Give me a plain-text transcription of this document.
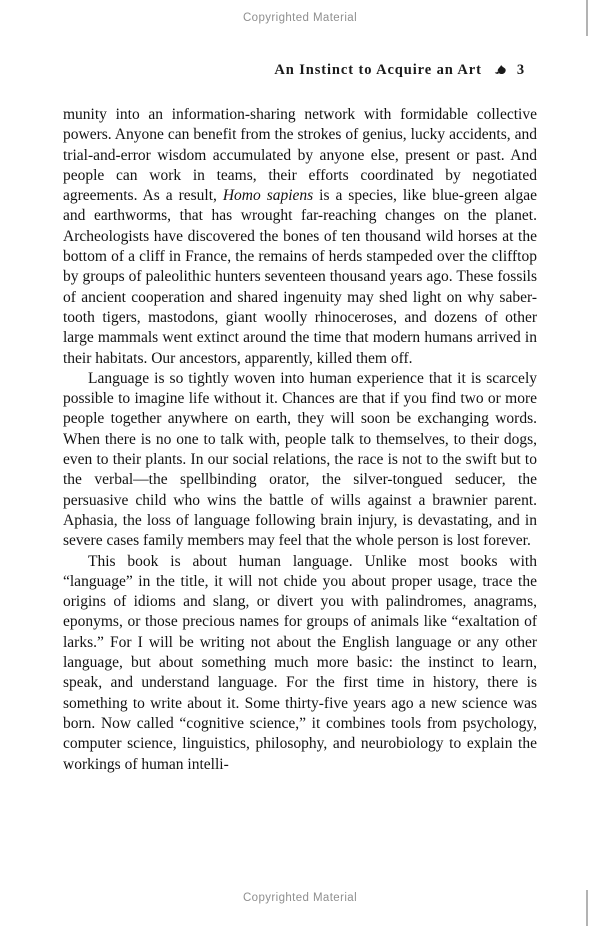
Copyrighted Material
An Instinct to Acquire an Art 3

munity into an information-sharing network with formidable collective powers. Anyone can benefit from the strokes of genius, lucky accidents, and trial-and-error wisdom accumulated by anyone else, present or past. And people can work in teams, their efforts coordinated by negotiated agreements. As a result, Homo sapiens is a species, like blue-green algae and earthworms, that has wrought far-reaching changes on the planet. Archeologists have discovered the bones of ten thousand wild horses at the bottom of a cliff in France, the remains of herds stampeded over the clifftop by groups of paleolithic hunters seventeen thousand years ago. These fossils of ancient cooperation and shared ingenuity may shed light on why saber-tooth tigers, mastodons, giant woolly rhinoceroses, and dozens of other large mammals went extinct around the time that modern humans arrived in their habitats. Our ancestors, apparently, killed them off.

Language is so tightly woven into human experience that it is scarcely possible to imagine life without it. Chances are that if you find two or more people together anywhere on earth, they will soon be exchanging words. When there is no one to talk with, people talk to themselves, to their dogs, even to their plants. In our social relations, the race is not to the swift but to the verbal—the spellbinding orator, the silver-tongued seducer, the persuasive child who wins the battle of wills against a brawnier parent. Aphasia, the loss of language following brain injury, is devastating, and in severe cases family members may feel that the whole person is lost forever.

This book is about human language. Unlike most books with “language” in the title, it will not chide you about proper usage, trace the origins of idioms and slang, or divert you with palindromes, anagrams, eponyms, or those precious names for groups of animals like “exaltation of larks.” For I will be writing not about the English language or any other language, but about something much more basic: the instinct to learn, speak, and understand language. For the first time in history, there is something to write about it. Some thirty-five years ago a new science was born. Now called “cognitive science,” it combines tools from psychology, computer science, linguistics, philosophy, and neurobiology to explain the workings of human intelli-

Copyrighted Material
